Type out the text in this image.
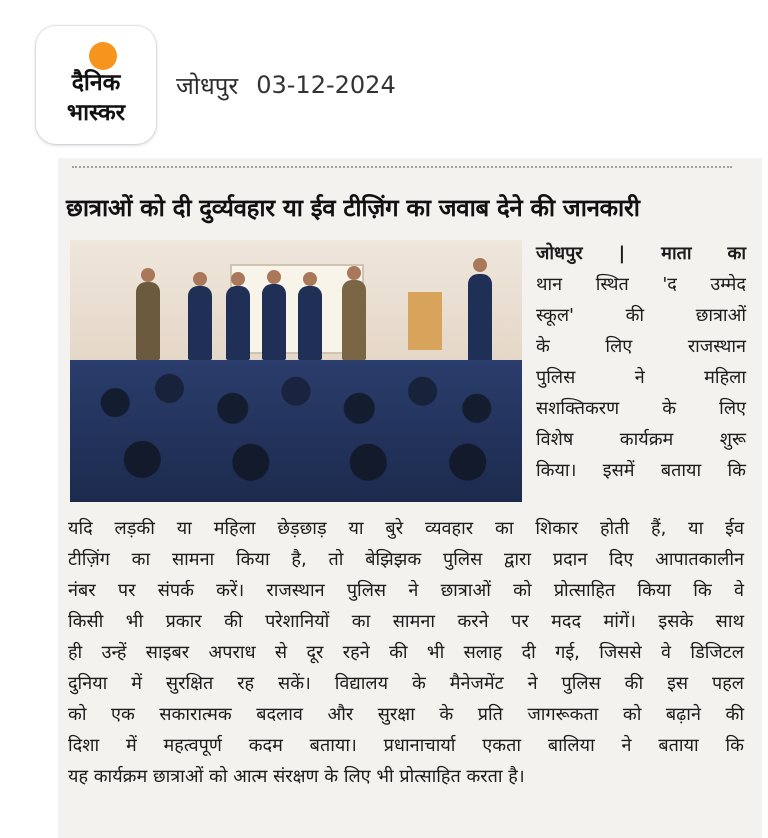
दैनिक
भास्कर
जोधपुर 03-12-2024
छात्राओं को दी दुर्व्यवहार या ईव टीज़िंग का जवाब देने की जानकारी
जोधपुर | माता का
थान स्थित 'द उम्मेद
स्कूल' की छात्राओं
के लिए राजस्थान
पुलिस ने महिला
सशक्तिकरण के लिए
विशेष कार्यक्रम शुरू
किया। इसमें बताया कि
यदि लड़की या महिला छेड़छाड़ या बुरे व्यवहार का शिकार होती हैं, या ईव
टीज़िंग का सामना किया है, तो बेझिझक पुलिस द्वारा प्रदान दिए आपातकालीन
नंबर पर संपर्क करें। राजस्थान पुलिस ने छात्राओं को प्रोत्साहित किया कि वे
किसी भी प्रकार की परेशानियों का सामना करने पर मदद मांगें। इसके साथ
ही उन्हें साइबर अपराध से दूर रहने की भी सलाह दी गई, जिससे वे डिजिटल
दुनिया में सुरक्षित रह सकें। विद्यालय के मैनेजमेंट ने पुलिस की इस पहल
को एक सकारात्मक बदलाव और सुरक्षा के प्रति जागरूकता को बढ़ाने की
दिशा में महत्वपूर्ण कदम बताया। प्रधानाचार्या एकता बालिया ने बताया कि
यह कार्यक्रम छात्राओं को आत्म संरक्षण के लिए भी प्रोत्साहित करता है।
